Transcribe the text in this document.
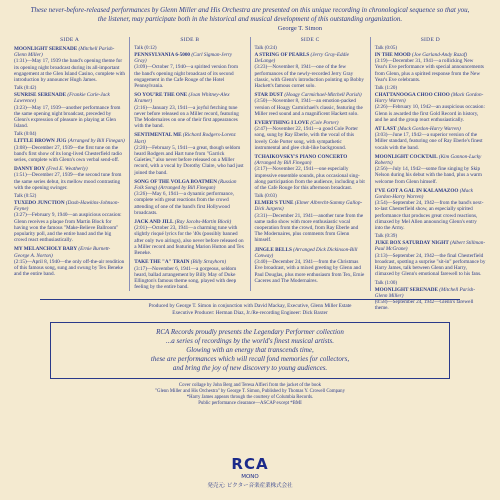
These never-before-released performances by Glenn Miller and His Orchestra are presented on this unique recording in chronological sequence so that you, the listener, may participate both in the historical and musical development of this outstanding organization.
George T. Simon
SIDE A
MOONLIGHT SERENADE (Mitchell Parish-Glenn Miller)
(1:31)—May 17, 1939 the band's opening theme for its opening night broadcast during its all-important engagement at the Glen Island Casino, complete with introduction by announcer Hugh James.
Talk (0:42)
SUNRISE SERENADE (Frankie Carle-Jack Lawrence)
(3:23)—May 17, 1939—another performance from the same opening night broadcast, preceded by Glenn's expression of pleasure in playing at Glen Island.
Talk (0:04)
LITTLE BROWN JUG (Arranged by Bill Finegan)
(3:08)—December 27, 1939—the first tune on the band's first show of its long-lived Chesterfield radio series, complete with Glenn's own verbal send-off.
DANNY BOY (Fred E. Weatherly)
(1:51)—December 27, 1939—the second tune from the same series debut, its mellow mood contrasting with the opening swinger.
Talk (0:52)
TUXEDO JUNCTION (Dash-Hawkins-Johnson-Feyne)
(3:27)—February 9, 1940—an auspicious occasion: Glenn receives a plaque from Martin Block for having won the famous "Make-Believe Ballroom" popularity poll, and the entire band and the big crowd react enthusiastically.
MY MELANCHOLY BABY (Ernie Burnett-George A. Norton)
(2:15)—April 8, 1940—the only off-the-air rendition of this famous song, sung and swung by Tex Beneke and the entire band.
SIDE B
Talk (0:12)
PENNSYLVANIA 6-5000 (Carl Sigman-Jerry Gray)
(3:09)—October 7, 1940—a spirited version from the band's opening night broadcast of its second engagement in the Cafe Rouge of the Hotel Pennsylvania.
SO YOU'RE THE ONE (Joan Whitney-Alex Kramer)
(2:16)—January 23, 1941—a joyful fetching tune never before released on a Miller record, featuring The Modernaires on one of their first appearances with the band.
SENTIMENTAL ME (Richard Rodgers-Lorenz Hart)
(2:20)—February 5, 1941—a great, though seldom heard Rodgers and Hart tune from "Garrick Gaieties," also never before released on a Miller record, with a vocal by Dorothy Claire, who had just joined the band.
SONG OF THE VOLGA BOATMEN (Russian Folk Song) (Arranged by Bill Finegan)
(3:26)—May 6, 1941—a dynamic performance, complete with great reactions from the crowd attending of one of the band's first Hollywood broadcasts.
JACK AND JILL (Ray Jacobs-Martin Block)
(2:01)—October 23, 1941—a charming tune with slightly risqué lyrics for the '40s (possibly banned after only two airings), also never before released on a Miller record and featuring Marion Hutton and Tex Beneke.
TAKE THE "A" TRAIN (Billy Strayhorn)
(3:17)—November 6, 1941—a gorgeous, seldom heard, ballad arrangement by Billy May of Duke Ellington's famous theme song, played with deep feeling by the entire band.
SIDE C
Talk (0:24)
A STRING OF PEARLS (Jerry Gray-Eddie DeLange)
(3:23)—November 8, 1941—one of the few performances of the newly-recorded Jerry Gray classic, with Glenn's introduction pointing up Bobby Hackett's famous cornet solo.
STAR DUST (Hoagy Carmichael-Mitchell Parish)
(3:50)—November 8, 1941—an emotion-packed version of Hoagy Carmichael's classic, featuring the Miller reed sound and a magnificent Hackett solo.
EVERYTHING I LOVE (Cole Porter)
(2:47)—November 22, 1941—a good Cole Porter song, sung by Ray Eberle, with the vocal of this lovely Cole Porter song, with sympathetic instrumental and glee club-like background.
TCHAIKOVSKY'S PIANO CONCERTO (Arranged by Bill Finegan)
(3:17)—November 22, 1941—one especially impressive ensemble sounds, plus occasional sing-along participation from the audience, including a bit of the Cafe Rouge for this afternoon broadcast.
Talk (0:03)
ELMER'S TUNE (Elmer Albrecht-Sammy Gallop-Dick Jurgens)
(3:31)—December 21, 1941—another tune from the same radio show with more enthusiastic vocal cooperation from the crowd, from Ray Eberle and The Modernaires, plus comments from Glenn himself.
JINGLE BELLS (Arranged Dick Dickinson-Bill Conway)
(3:40)—December 24, 1941—from the Christmas Eve broadcast, with a mixed greeting by Glenn and Paul Douglas, plus more enthusiasm from Tex, Ernie Caceres and The Modernaires.
SIDE D
Talk (0:05)
IN THE MOOD (Joe Garland-Andy Razaf)
(3:19)—December 31, 1941—a rollicking New Year's Eve performance with special announcements from Glenn, plus a spirited response from the New Year's Eve celebrants.
Talk (1:20)
CHATTANOOGA CHOO CHOO (Mack Gordon-Harry Warren)
(2:26)—February 10, 1942—an auspicious occasion: Glenn is awarded the first Gold Record in history, and he and the group react enthusiastically.
AT LAST (Mack Gordon-Harry Warren)
(3:03)—June 17, 1942—a superior version of the Miller standard, featuring one of Ray Eberle's finest vocals with the band.
MOONLIGHT COCKTAIL (Kim Gannon-Lucky Roberts)
(2:56)—July 14, 1942—some fine singing by Skip Nelson during his debut with the band, plus a warm welcome from Glenn himself.
I'VE GOT A GAL IN KALAMAZOO (Mack Gordon-Harry Warren)
(3:54)—September 24, 1942—from the band's next-to-last Chesterfield show, an especially spirited performance that produces great crowd reactions, climaxed by Mel Allen announcing Glenn's entry into the Army.
Talk (0:39)
JUKE BOX SATURDAY NIGHT (Albert Stillman-Paul McGrane)
(3:13)—September 24, 1942—the final Chesterfield broadcast, spotting a surprise "sit-in" performance by Harry James, talk between Glenn and Harry, climaxed by Glenn's emotional farewell to his fans.
Talk (1:00)
MOONLIGHT SERENADE (Mitchell Parish-Glenn Miller)
(0:58)—September 24, 1942—Glenn's farewell theme.
Produced by George T. Simon in conjunction with David Mackay, Executive, Glenn Miller Estate
Executive Producer: Herman Diaz, Jr./Re-recording Engineer: Dick Baxter
RCA Records proudly presents the Legendary Performer collection
...a series of recordings by the world's finest musical artists.
Glowing with an energy that transcends time,
these are performances which will recall fond memories for collectors,
and bring the joy of new discovery to young audiences.
Cover collage by John Berg and Teresa Alfieri from the jacket of the book
"Glenn Miller and His Orchestra" by George T. Simon, Published by Thomas Y. Crowell Company
*Harry James appears through the courtesy of Columbia Records.
Public performance clearance—ASCAP except *BMI
RCA
MONO
発売元: ビクター音楽産業株式会社
